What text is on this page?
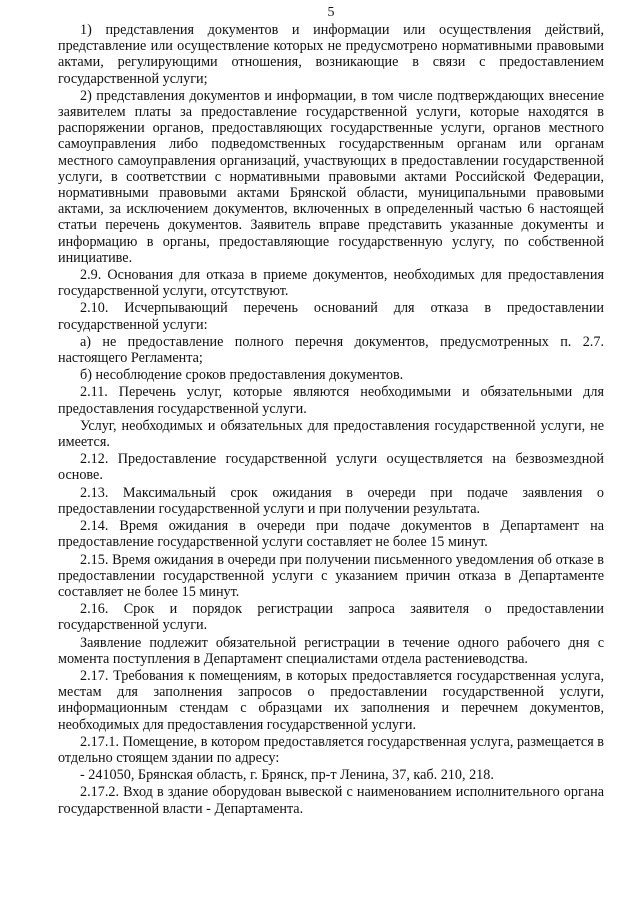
5

1) представления документов и информации или осуществления действий, представление или осуществление которых не предусмотрено нормативными правовыми актами, регулирующими отношения, возникающие в связи с предоставлением государственной услуги;

2) представления документов и информации, в том числе подтверждающих внесение заявителем платы за предоставление государственной услуги, которые находятся в распоряжении органов, предоставляющих государственные услуги, органов местного самоуправления либо подведомственных государственным органам или органам местного самоуправления организаций, участвующих в предоставлении государственной услуги, в соответствии с нормативными правовыми актами Российской Федерации, нормативными правовыми актами Брянской области, муниципальными правовыми актами, за исключением документов, включенных в определенный частью 6 настоящей статьи перечень документов. Заявитель вправе представить указанные документы и информацию в органы, предоставляющие государственную услугу, по собственной инициативе.

2.9. Основания для отказа в приеме документов, необходимых для предоставления государственной услуги, отсутствуют.

2.10. Исчерпывающий перечень оснований для отказа в предоставлении государственной услуги:

а) не предоставление полного перечня документов, предусмотренных п. 2.7. настоящего Регламента;

б) несоблюдение сроков предоставления документов.

2.11. Перечень услуг, которые являются необходимыми и обязательными для предоставления государственной услуги.

Услуг, необходимых и обязательных для предоставления государственной услуги, не имеется.

2.12. Предоставление государственной услуги осуществляется на безвозмездной основе.

2.13. Максимальный срок ожидания в очереди при подаче заявления о предоставлении государственной услуги и при получении результата.

2.14. Время ожидания в очереди при подаче документов в Департамент на предоставление государственной услуги составляет не более 15 минут.

2.15. Время ожидания в очереди при получении письменного уведомления об отказе в предоставлении государственной услуги с указанием причин отказа в Департаменте составляет не более 15 минут.

2.16. Срок и порядок регистрации запроса заявителя о предоставлении государственной услуги.

Заявление подлежит обязательной регистрации в течение одного рабочего дня с момента поступления в Департамент специалистами отдела растениеводства.

2.17. Требования к помещениям, в которых предоставляется государственная услуга, местам для заполнения запросов о предоставлении государственной услуги, информационным стендам с образцами их заполнения и перечнем документов, необходимых для предоставления государственной услуги.

2.17.1. Помещение, в котором предоставляется государственная услуга, размещается в отдельно стоящем здании по адресу:

- 241050, Брянская область, г. Брянск, пр-т Ленина, 37, каб. 210, 218.

2.17.2. Вход в здание оборудован вывеской с наименованием исполнительного органа государственной власти - Департамента.
